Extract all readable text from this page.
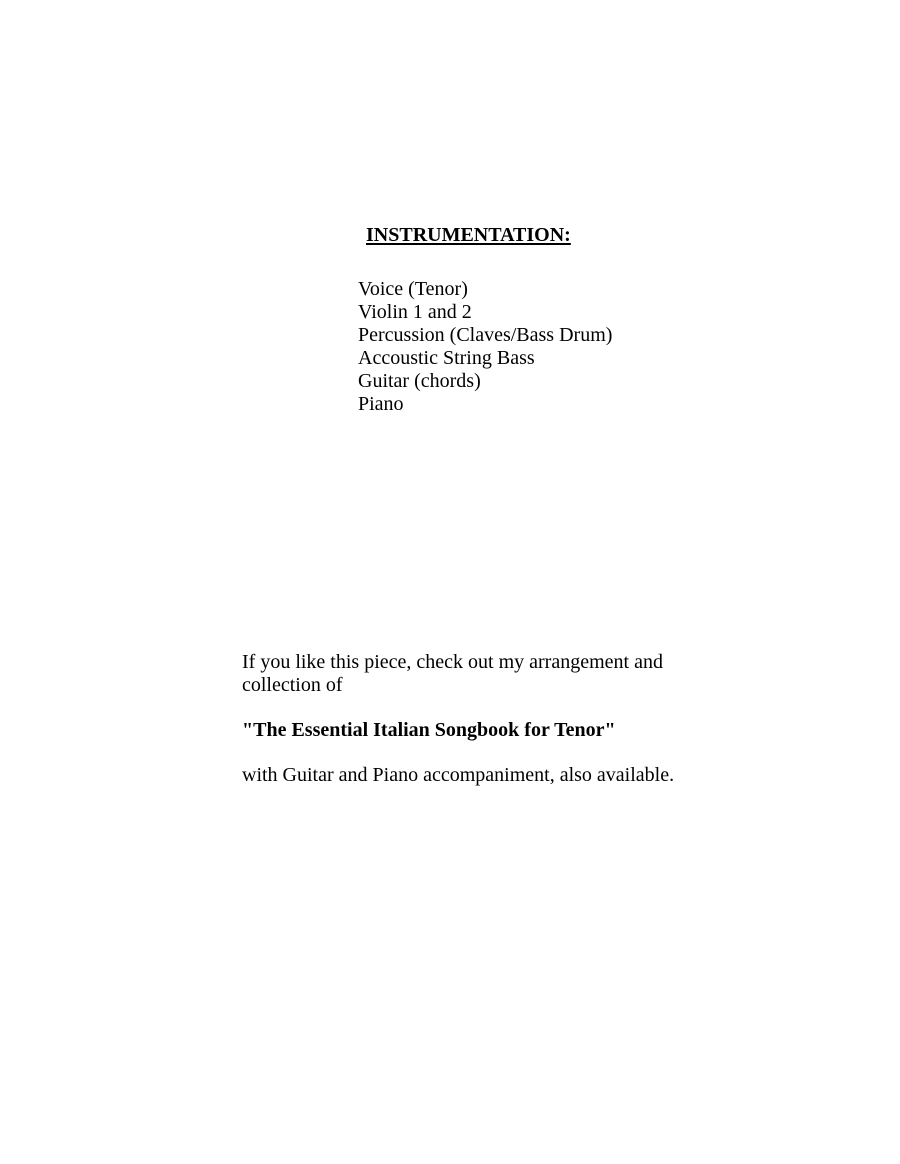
INSTRUMENTATION:
Voice (Tenor)
Violin 1 and 2
Percussion (Claves/Bass Drum)
Accoustic String Bass
Guitar (chords)
Piano

If you like this piece, check out my arrangement and collection of

"The Essential Italian Songbook for Tenor"

with Guitar and Piano accompaniment, also available.
